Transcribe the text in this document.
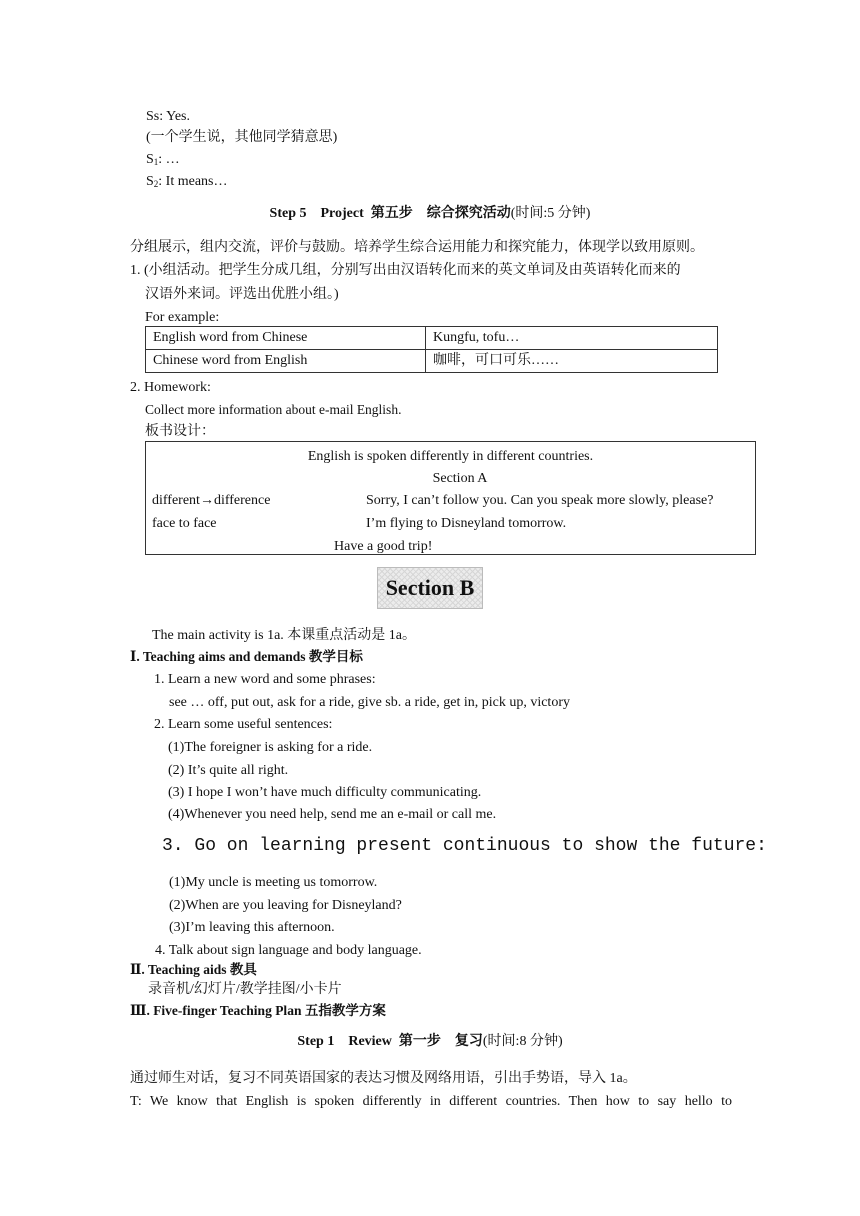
Ss: Yes.
(一个学生说，其他同学猜意思)
$S_1$: …
$S_2$: It means…
Step 5    Project  第五步    综合探究活动(时间:5 分钟)
分组展示，组内交流，评价与鼓励。培养学生综合运用能力和探究能力，体现学以致用原则。
1. (小组活动。把学生分成几组，分别写出由汉语转化而来的英文单词及由英语转化而来的
汉语外来词。评选出优胜小组。)
For example:
English word from Chinese	Kungfu, tofu…
Chinese word from English	咖啡，可口可乐……
2. Homework:
Collect more information about e-mail English.
板书设计：
English is spoken differently in different countries.
Section A
different→difference	Sorry, I can’t follow you. Can you speak more slowly, please?
face to face	I’m flying to Disneyland tomorrow.
Have a good trip!
Section B
The main activity is 1a. 本课重点活动是 1a。
Ⅰ. Teaching aims and demands 教学目标
1. Learn a new word and some phrases:
see … off, put out, ask for a ride, give sb. a ride, get in, pick up, victory
2. Learn some useful sentences:
(1)The foreigner is asking for a ride.
(2) It’s quite all right.
(3) I hope I won’t have much difficulty communicating.
(4)Whenever you need help, send me an e-mail or call me.
3. Go on learning present continuous to show the future:
(1)My uncle is meeting us tomorrow.
(2)When are you leaving for Disneyland?
(3)I’m leaving this afternoon.
4. Talk about sign language and body language.
Ⅱ. Teaching aids 教具
录音机/幻灯片/教学挂图/小卡片
Ⅲ. Five-finger Teaching Plan 五指教学方案
Step 1    Review  第一步    复习(时间:8 分钟)
通过师生对话，复习不同英语国家的表达习惯及网络用语，引出手势语，导入 1a。
T: We know that English is spoken differently in different countries. Then how to say hello to
